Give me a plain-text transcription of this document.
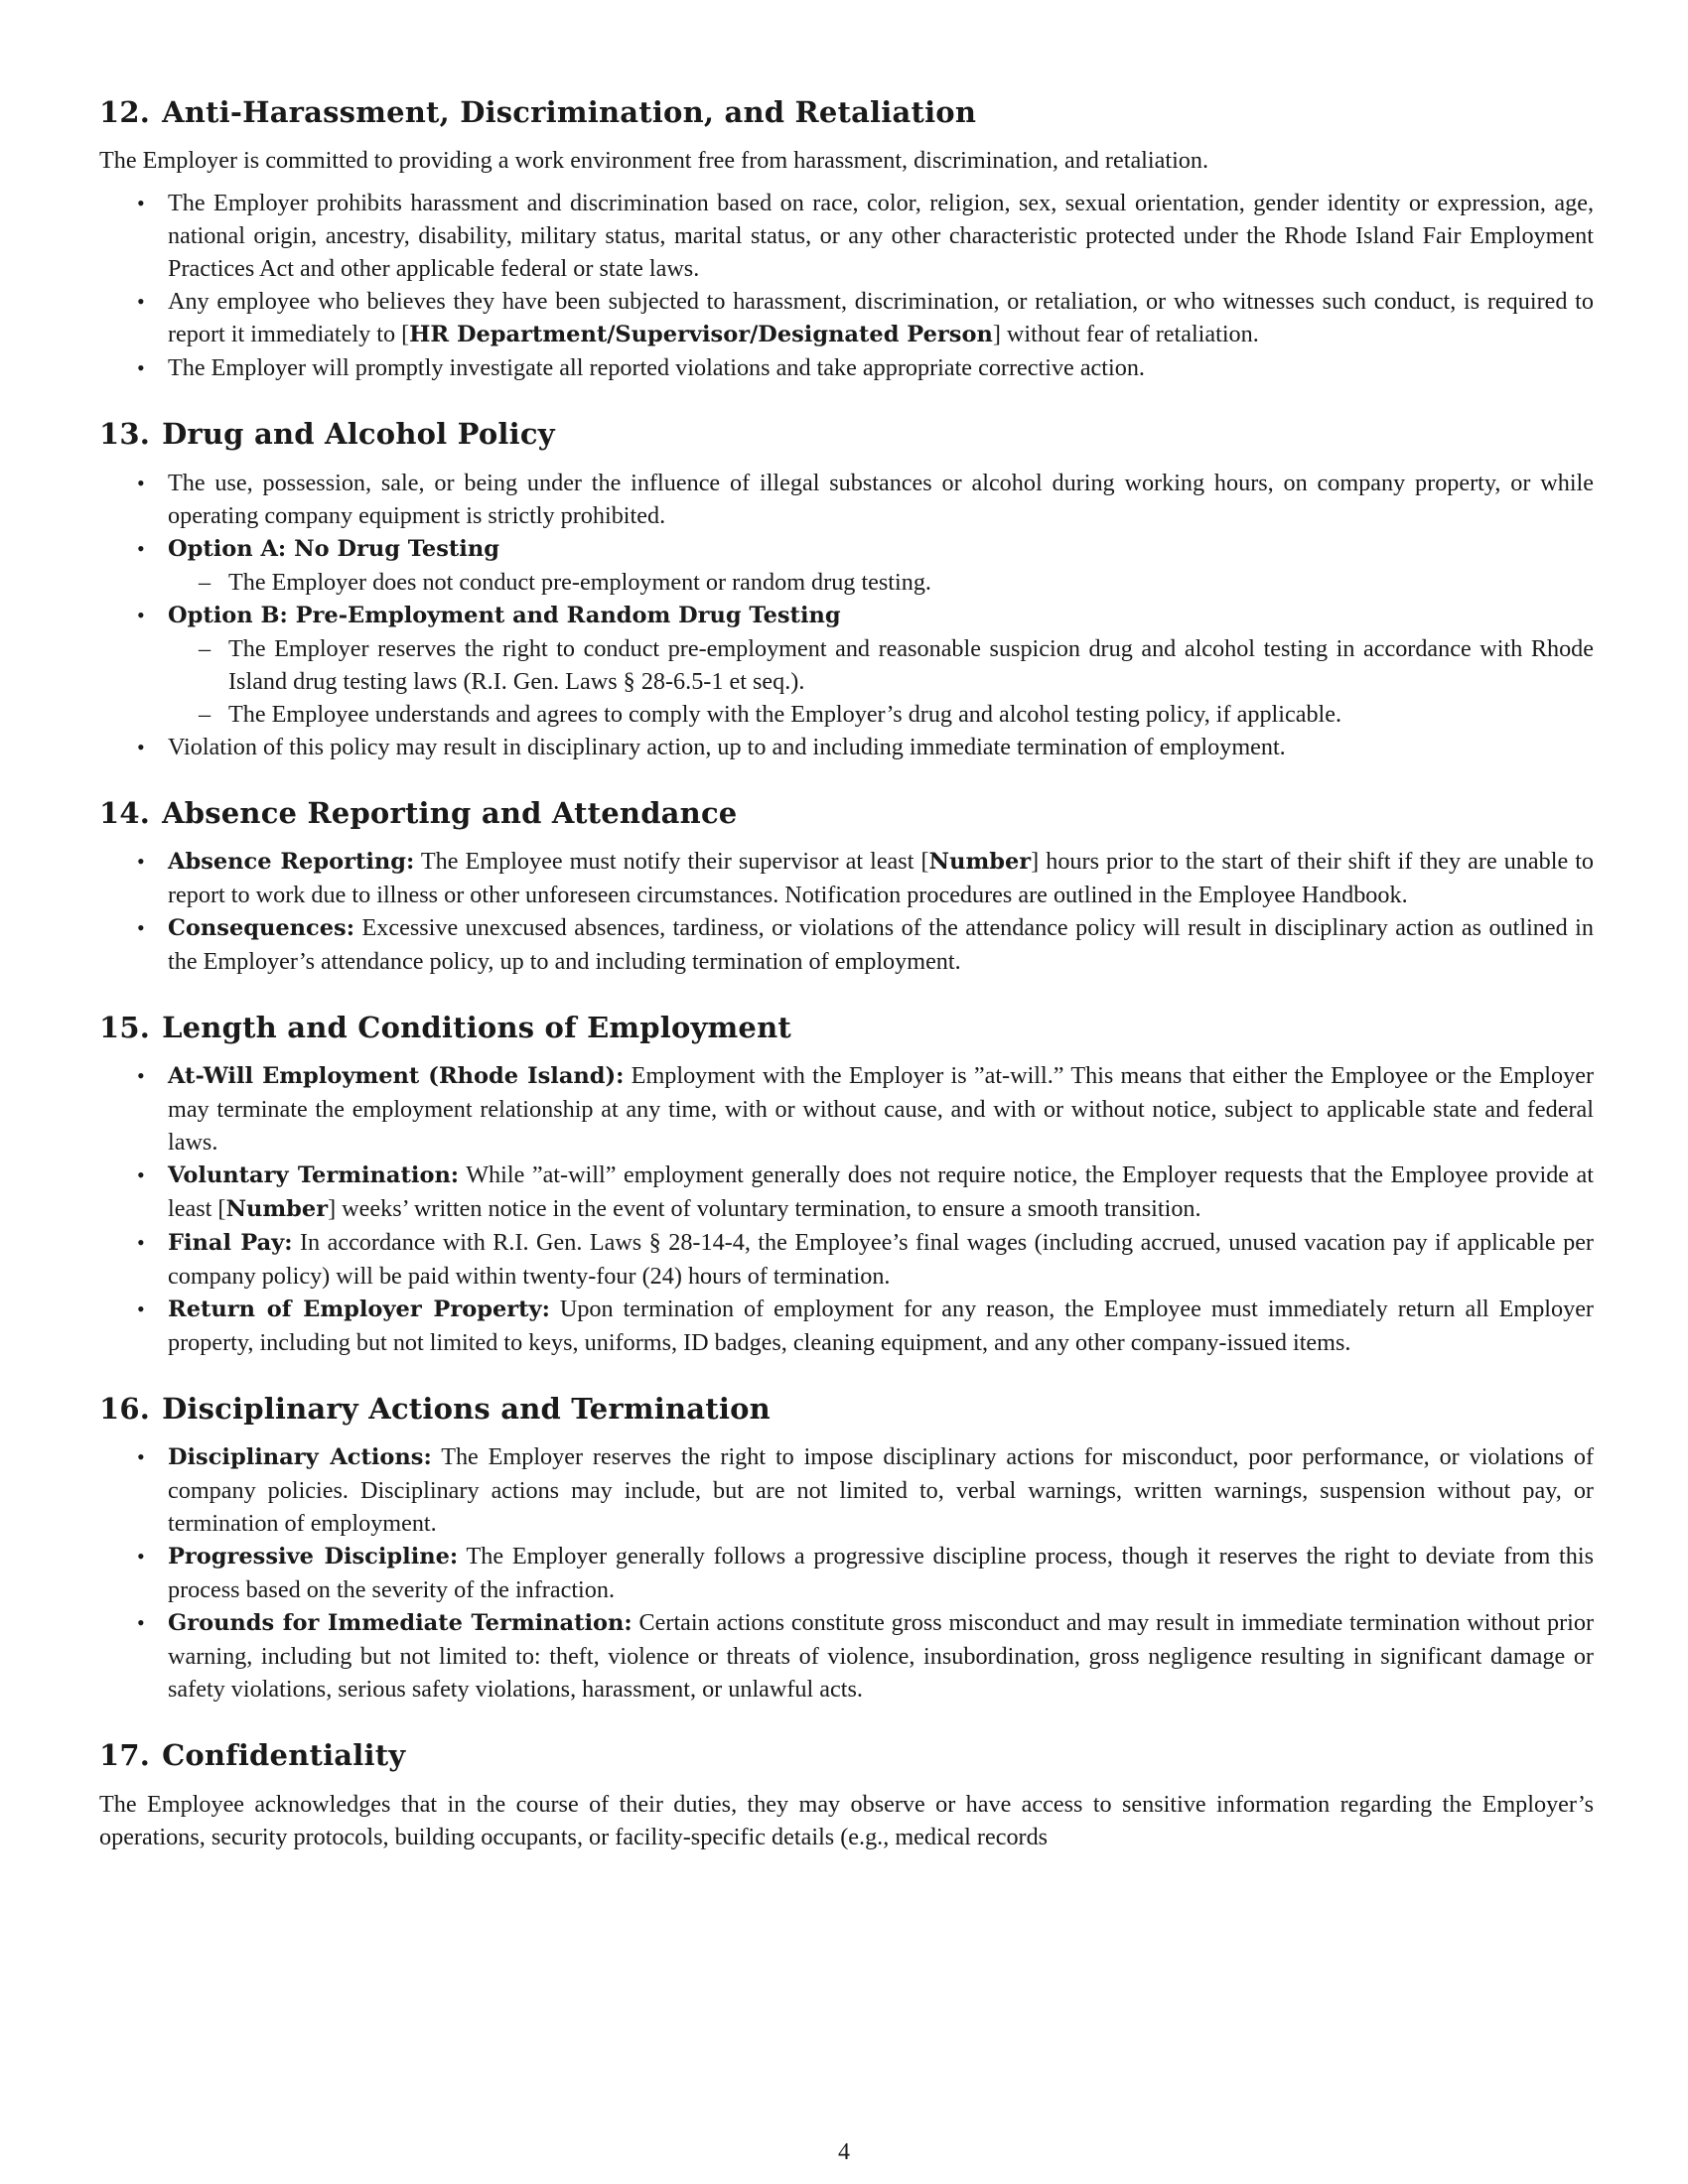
12. Anti-Harassment, Discrimination, and Retaliation

The Employer is committed to providing a work environment free from harassment, discrimination, and retaliation.

• The Employer prohibits harassment and discrimination based on race, color, religion, sex, sexual orientation, gender identity or expression, age, national origin, ancestry, disability, military status, marital status, or any other characteristic protected under the Rhode Island Fair Employment Practices Act and other applicable federal or state laws.
• Any employee who believes they have been subjected to harassment, discrimination, or retaliation, or who witnesses such conduct, is required to report it immediately to [HR Department/Supervisor/Designated Person] without fear of retaliation.
• The Employer will promptly investigate all reported violations and take appropriate corrective action.
13. Drug and Alcohol Policy
• The use, possession, sale, or being under the influence of illegal substances or alcohol during working hours, on company property, or while operating company equipment is strictly prohibited.
• Option A: No Drug Testing
– The Employer does not conduct pre-employment or random drug testing.
• Option B: Pre-Employment and Random Drug Testing
– The Employer reserves the right to conduct pre-employment and reasonable suspicion drug and alcohol testing in accordance with Rhode Island drug testing laws (R.I. Gen. Laws § 28-6.5-1 et seq.).
– The Employee understands and agrees to comply with the Employer’s drug and alcohol testing policy, if applicable.
• Violation of this policy may result in disciplinary action, up to and including immediate termination of employment.
14. Absence Reporting and Attendance
• Absence Reporting: The Employee must notify their supervisor at least [Number] hours prior to the start of their shift if they are unable to report to work due to illness or other unforeseen circumstances. Notification procedures are outlined in the Employee Handbook.
• Consequences: Excessive unexcused absences, tardiness, or violations of the attendance policy will result in disciplinary action as outlined in the Employer’s attendance policy, up to and including termination of employment.
15. Length and Conditions of Employment
• At-Will Employment (Rhode Island): Employment with the Employer is ”at-will.” This means that either the Employee or the Employer may terminate the employment relationship at any time, with or without cause, and with or without notice, subject to applicable state and federal laws.
• Voluntary Termination: While ”at-will” employment generally does not require notice, the Employer requests that the Employee provide at least [Number] weeks’ written notice in the event of voluntary termination, to ensure a smooth transition.
• Final Pay: In accordance with R.I. Gen. Laws § 28-14-4, the Employee’s final wages (including accrued, unused vacation pay if applicable per company policy) will be paid within twenty-four (24) hours of termination.
• Return of Employer Property: Upon termination of employment for any reason, the Employee must immediately return all Employer property, including but not limited to keys, uniforms, ID badges, cleaning equipment, and any other company-issued items.
16. Disciplinary Actions and Termination
• Disciplinary Actions: The Employer reserves the right to impose disciplinary actions for misconduct, poor performance, or violations of company policies. Disciplinary actions may include, but are not limited to, verbal warnings, written warnings, suspension without pay, or termination of employment.
• Progressive Discipline: The Employer generally follows a progressive discipline process, though it reserves the right to deviate from this process based on the severity of the infraction.
• Grounds for Immediate Termination: Certain actions constitute gross misconduct and may result in immediate termination without prior warning, including but not limited to: theft, violence or threats of violence, insubordination, gross negligence resulting in significant damage or safety violations, serious safety violations, harassment, or unlawful acts.
17. Confidentiality

The Employee acknowledges that in the course of their duties, they may observe or have access to sensitive information regarding the Employer’s operations, security protocols, building occupants, or facility-specific details (e.g., medical records

4
